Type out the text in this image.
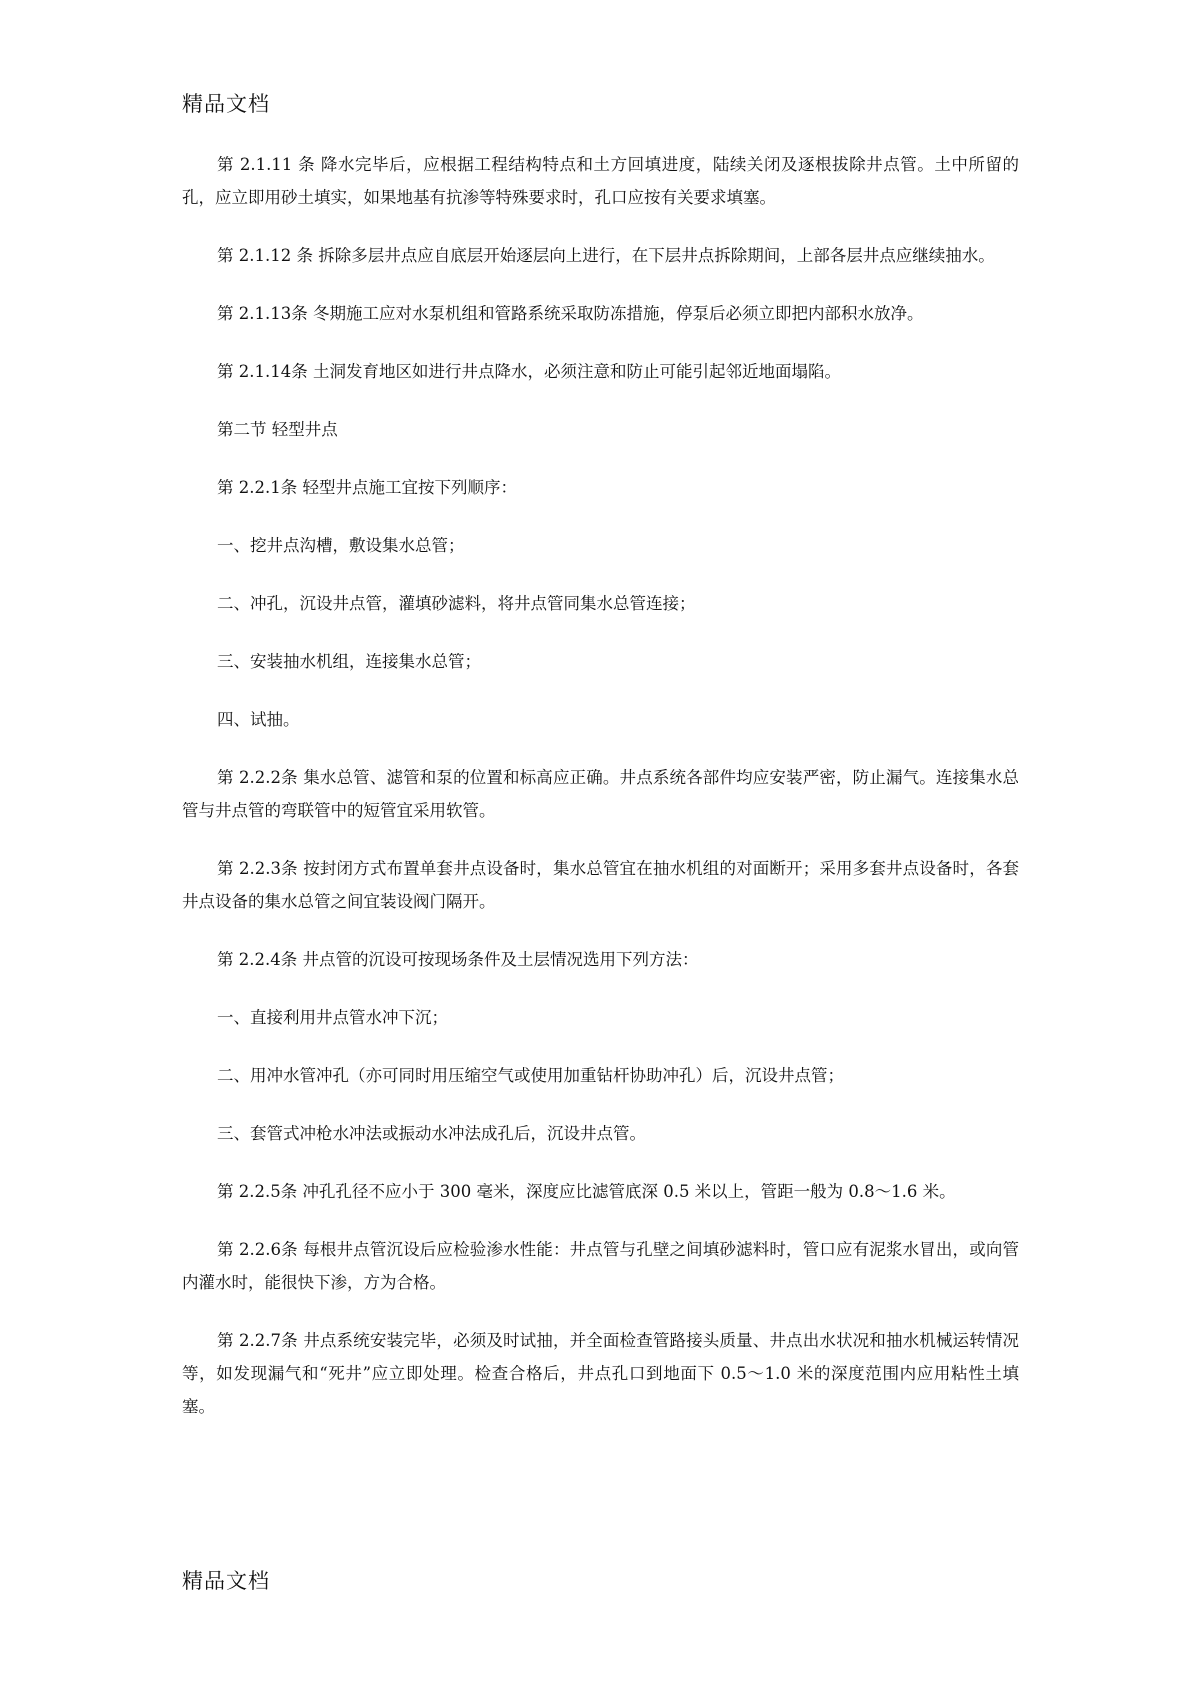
精品文档

第 2.1.11 条 降水完毕后，应根据工程结构特点和土方回填进度，陆续关闭及逐根拔除井点管。土中所留的孔，应立即用砂土填实，如果地基有抗渗等特殊要求时，孔口应按有关要求填塞。

第 2.1.12 条 拆除多层井点应自底层开始逐层向上进行，在下层井点拆除期间，上部各层井点应继续抽水。

第 2.1.13条 冬期施工应对水泵机组和管路系统采取防冻措施，停泵后必须立即把内部积水放净。

第 2.1.14条 土洞发育地区如进行井点降水，必须注意和防止可能引起邻近地面塌陷。

第二节 轻型井点

第 2.2.1条 轻型井点施工宜按下列顺序：

一、挖井点沟槽，敷设集水总管；

二、冲孔，沉设井点管，灌填砂滤料，将井点管同集水总管连接；

三、安装抽水机组，连接集水总管；

四、试抽。

第 2.2.2条 集水总管、滤管和泵的位置和标高应正确。井点系统各部件均应安装严密，防止漏气。连接集水总管与井点管的弯联管中的短管宜采用软管。

第 2.2.3条 按封闭方式布置单套井点设备时，集水总管宜在抽水机组的对面断开；采用多套井点设备时，各套井点设备的集水总管之间宜装设阀门隔开。

第 2.2.4条 井点管的沉设可按现场条件及土层情况选用下列方法：

一、直接利用井点管水冲下沉；

二、用冲水管冲孔（亦可同时用压缩空气或使用加重钻杆协助冲孔）后，沉设井点管；

三、套管式冲枪水冲法或振动水冲法成孔后，沉设井点管。

第 2.2.5条 冲孔孔径不应小于 300 毫米，深度应比滤管底深 0.5 米以上，管距一般为 0.8～1.6 米。

第 2.2.6条 每根井点管沉设后应检验渗水性能：井点管与孔壁之间填砂滤料时，管口应有泥浆水冒出，或向管内灌水时，能很快下渗，方为合格。

第 2.2.7条 井点系统安装完毕，必须及时试抽，并全面检查管路接头质量、井点出水状况和抽水机械运转情况等，如发现漏气和“死井”应立即处理。检查合格后，井点孔口到地面下 0.5～1.0 米的深度范围内应用粘性土填塞。

精品文档
